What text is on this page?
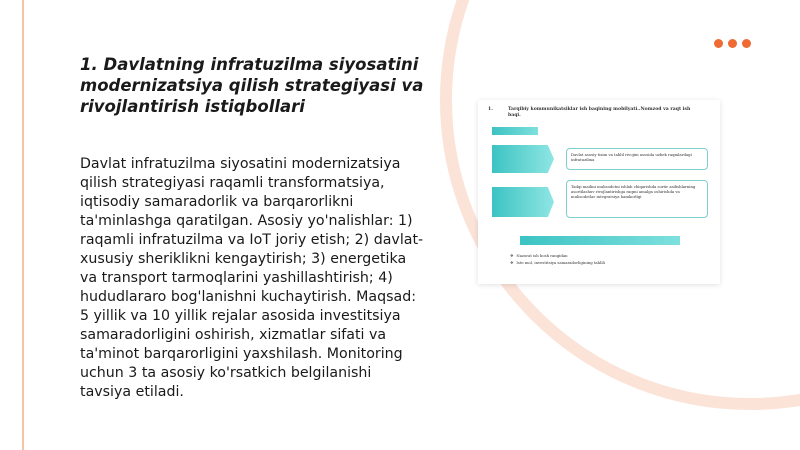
1. Davlatning infratuzilma siyosatini modernizatsiya qilish strategiyasi va rivojlantirish istiqbollari

Davlat infratuzilma siyosatini modernizatsiya qilish strategiyasi raqamli transformatsiya, iqtisodiy samaradorlik va barqarorlikni ta'minlashga qaratilgan. Asosiy yo'nalishlar: 1) raqamli infratuzilma va IoT joriy etish; 2) davlat-xususiy sheriklikni kengaytirish; 3) energetika va transport tarmoqlarini yashillashtirish; 4) hududlararo bog'lanishni kuchaytirish. Maqsad: 5 yillik va 10 yillik rejalar asosida investitsiya samaradorligini oshirish, xizmatlar sifati va ta'minot barqarorligini yaxshilash. Monitoring uchun 3 ta asosiy ko'rsatkich belgilanishi tavsiya etiladi.

1.	Tarqibiy kommunikatsiklar ish baqining mobilyati..Nomzod va raqt ish baqi.
Davlat asosiy tizim va tahlil rivojini asosida uzbek raqmlardagi infratuzilma
Tadqi mailini mulisodotni ishlab chiqarishda sortir asilishlarning asortilashuv rivojlantirishga raqmi amalga oshirishda va mulisodotlar integratsiya hamkorligi
❖ Nazorat ish bosh rangidan
❖ Iste mol, investitsiya samaradorligining tahlili
